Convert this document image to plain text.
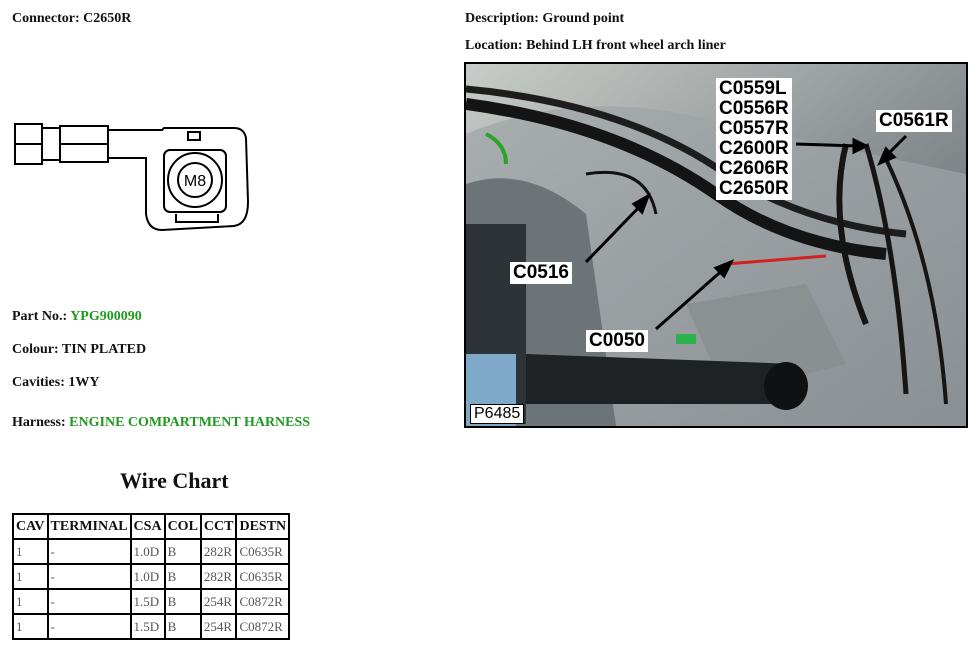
Connector: C2650R	Description: Ground point
Location: Behind LH front wheel arch liner
M8
Part No.: YPG900090
Colour: TIN PLATED
Cavities: 1WY
Harness: ENGINE COMPARTMENT HARNESS
Wire Chart
CAV	TERMINAL	CSA	COL	CCT	DESTN
1	-	1.0D	B	282R	C0635R
1	-	1.0D	B	282R	C0635R
1	-	1.5D	B	254R	C0872R
1	-	1.5D	B	254R	C0872R
C0559L
C0556R
C0557R
C2600R
C2606R
C2650R
C0561R
C0516
C0050
P6485
